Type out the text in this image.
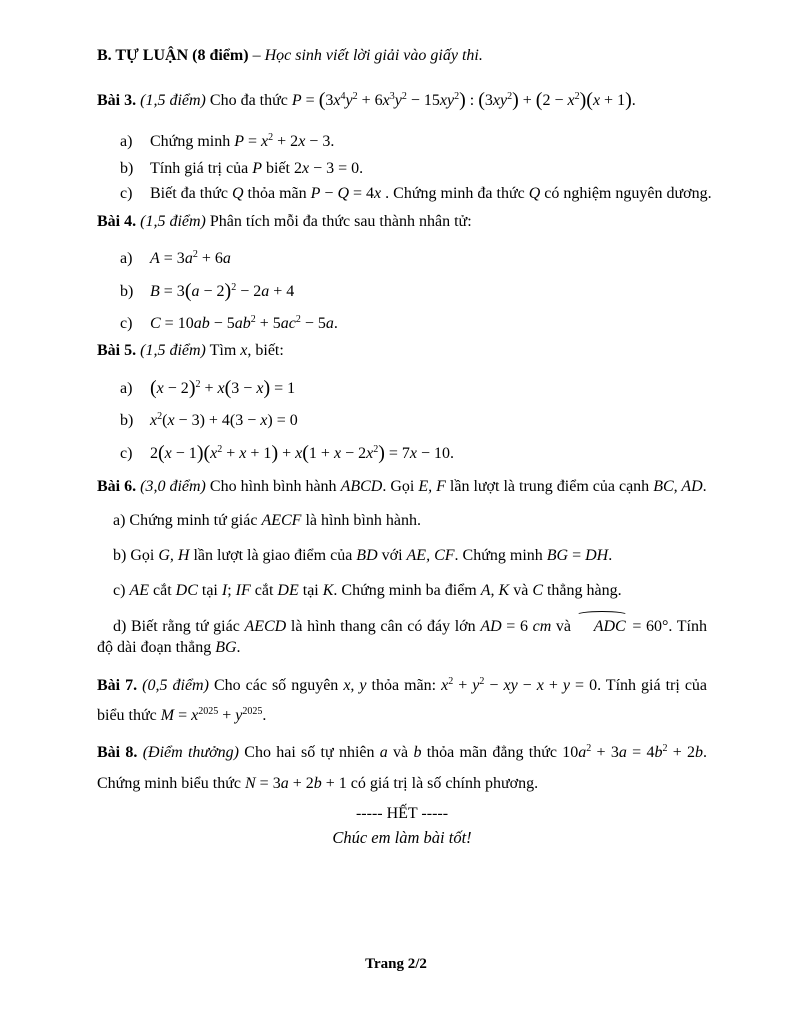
B. TỰ LUẬN (8 điểm) – Học sinh viết lời giải vào giấy thi.

Bài 3. (1,5 điểm) Cho đa thức $P = (3x^4y^2 + 6x^3y^2 - 15xy^2)$ : $(3xy^2) + (2 - x^2)(x + 1)$.

a) Chứng minh $P = x^2 + 2x - 3$.
b) Tính giá trị của P biết 2x − 3 = 0.
c) Biết đa thức Q thỏa mãn P − Q = 4x . Chứng minh đa thức Q có nghiệm nguyên dương.

Bài 4. (1,5 điểm) Phân tích mỗi đa thức sau thành nhân tử:

a) $A = 3a^2 + 6a$
b) $B = 3(a - 2)^2 - 2a + 4$
c) $C = 10ab - 5ab^2 + 5ac^2 - 5a$.

Bài 5. (1,5 điểm) Tìm x, biết:

a) $(x - 2)^2 + x(3 - x) = 1$
b) $x^2(x - 3) + 4(3 - x) = 0$
c) $2(x - 1)(x^2 + x + 1) + x(1 + x - 2x^2) = 7x - 10$.

Bài 6. (3,0 điểm) Cho hình bình hành ABCD. Gọi E, F lần lượt là trung điểm của cạnh BC, AD.

a) Chứng minh tứ giác AECF là hình bình hành.

b) Gọi G, H lần lượt là giao điểm của BD với AE, CF. Chứng minh BG = DH.

c) AE cắt DC tại I; IF cắt DE tại K. Chứng minh ba điểm A, K và C thẳng hàng.

d) Biết rằng tứ giác AECD là hình thang cân có đáy lớn AD = 6 cm và ADC = 60°. Tính độ dài đoạn thẳng BG.

Bài 7. (0,5 điểm) Cho các số nguyên x, y thỏa mãn: $x^2 + y^2$ − xy − x + y = 0. Tính giá trị của biểu thức $M = x^{2025} + y^{2025}$.

Bài 8. (Điểm thưởng) Cho hai số tự nhiên a và b thỏa mãn đẳng thức $10a^2 + 3a = 4b^2 + 2b$. Chứng minh biểu thức N = 3a + 2b + 1 có giá trị là số chính phương.

----- HẾT -----

Chúc em làm bài tốt!

Trang 2/2
